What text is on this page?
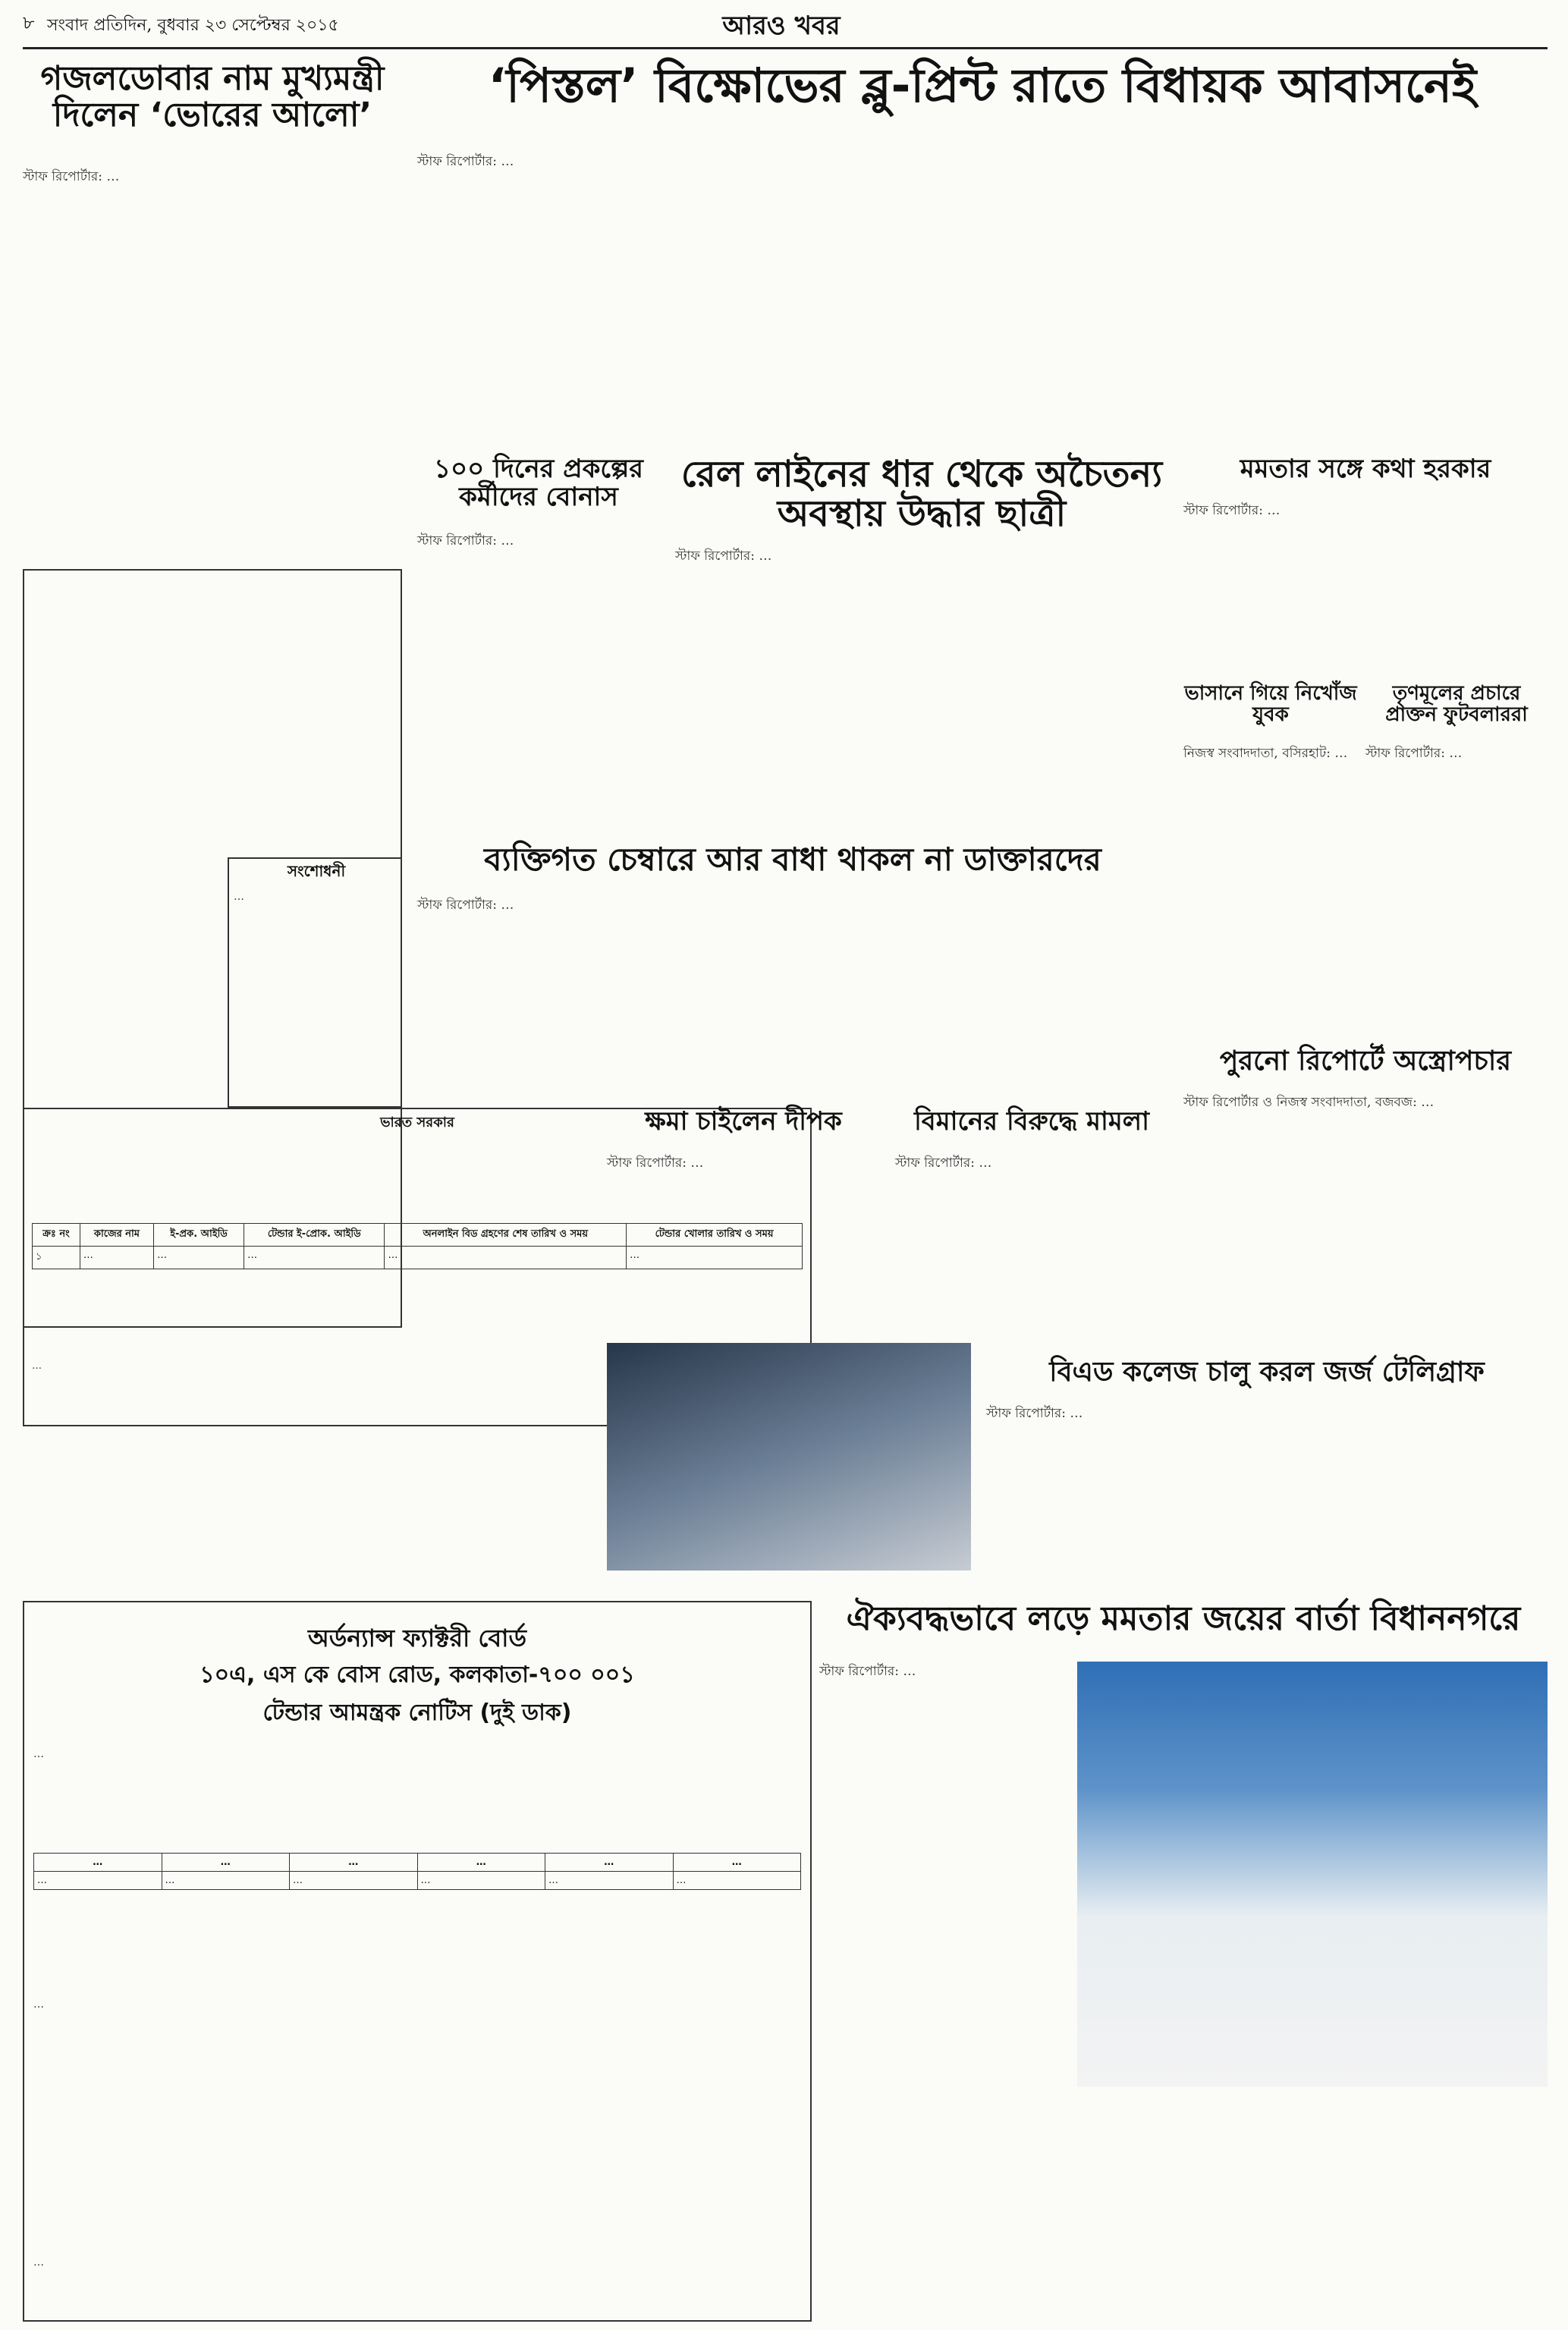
৮ সংবাদ প্রতিদিন, বুধবার ২৩ সেপ্টেম্বর ২০১৫	আরও খবর
গজলডোবার নাম মুখ্যমন্ত্রী দিলেন ‘ভোরের আলো’
স্টাফ রিপোর্টার: …
‘পিস্তল’ বিক্ষোভের ব্লু-প্রিন্ট রাতে বিধায়ক আবাসনেই
স্টাফ রিপোর্টার: …
১০০ দিনের প্রকল্পের কর্মীদের বোনাস
স্টাফ রিপোর্টার: …
রেল লাইনের ধার থেকে অচৈতন্য অবস্থায় উদ্ধার ছাত্রী
স্টাফ রিপোর্টার: …
মমতার সঙ্গে কথা হরকার
স্টাফ রিপোর্টার: …
ভাসানে গিয়ে নিখোঁজ যুবক
নিজস্ব সংবাদদাতা, বসিরহাট: …
তৃণমূলের প্রচারে প্রাক্তন ফুটবলাররা
স্টাফ রিপোর্টার: …
ব্যক্তিগত চেম্বারে আর বাধা থাকল না ডাক্তারদের
স্টাফ রিপোর্টার: …
সংশোধনী
…
পুরনো রিপোর্টে অস্ত্রোপচার
স্টাফ রিপোর্টার ও নিজস্ব সংবাদদাতা, বজবজ: …
ভারত সরকার
ক্রঃ নং	কাজের নাম	ই-প্রক. আইডি	টেন্ডার ই-প্রোক. আইডি	অনলাইন বিড গ্রহণের শেষ তারিখ ও সময়	টেন্ডার খোলার তারিখ ও সময়
১	…	…	…	…	…
…
ক্ষমা চাইলেন দীপক
স্টাফ রিপোর্টার: …
বিমানের বিরুদ্ধে মামলা
স্টাফ রিপোর্টার: …
বিএড কলেজ চালু করল জর্জ টেলিগ্রাফ
স্টাফ রিপোর্টার: …
অর্ডন্যান্স ফ্যাক্টরী বোর্ড
১০এ, এস কে বোস রোড, কলকাতা-৭০০ ০০১
টেন্ডার আমন্ত্রক নোটিস (দুই ডাক)
…
…	…	…	…	…	…
…	…	…	…	…	…
…
…
ঐক্যবদ্ধভাবে লড়ে মমতার জয়ের বার্তা বিধাননগরে
স্টাফ রিপোর্টার: …
